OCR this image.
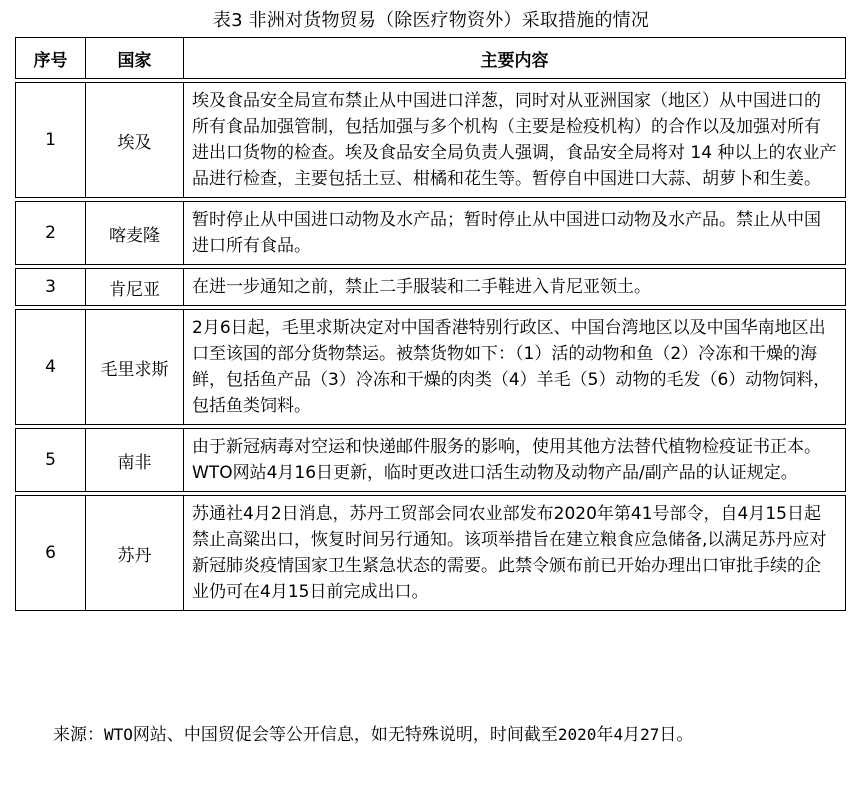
表3 非洲对货物贸易（除医疗物资外）采取措施的情况
序号	国家	主要内容

1	埃及	埃及食品安全局宣布禁止从中国进口洋葱，同时对从亚洲国家（地区）从中国进口的所有食品加强管制，包括加强与多个机构（主要是检疫机构）的合作以及加强对所有进出口货物的检查。埃及食品安全局负责人强调，食品安全局将对 14 种以上的农业产品进行检查，主要包括土豆、柑橘和花生等。暂停自中国进口大蒜、胡萝卜和生姜。

2	喀麦隆	暂时停止从中国进口动物及水产品；暂时停止从中国进口动物及水产品。禁止从中国进口所有食品。

3	肯尼亚	在进一步通知之前，禁止二手服装和二手鞋进入肯尼亚领土。

4	毛里求斯	2月6日起，毛里求斯决定对中国香港特别行政区、中国台湾地区以及中国华南地区出口至该国的部分货物禁运。被禁货物如下：（1）活的动物和鱼（2）冷冻和干燥的海鲜，包括鱼产品（3）冷冻和干燥的肉类（4）羊毛（5）动物的毛发（6）动物饲料，包括鱼类饲料。

5	南非	由于新冠病毒对空运和快递邮件服务的影响，使用其他方法替代植物检疫证书正本。WTO网站4月16日更新，临时更改进口活生动物及动物产品/副产品的认证规定。

6	苏丹	苏通社4月2日消息，苏丹工贸部会同农业部发布2020年第41号部令，自4月15日起禁止高粱出口，恢复时间另行通知。该项举措旨在建立粮食应急储备,以满足苏丹应对新冠肺炎疫情国家卫生紧急状态的需要。此禁令颁布前已开始办理出口审批手续的企业仍可在4月15日前完成出口。
来源：WTO网站、中国贸促会等公开信息，如无特殊说明，时间截至2020年4月27日。
